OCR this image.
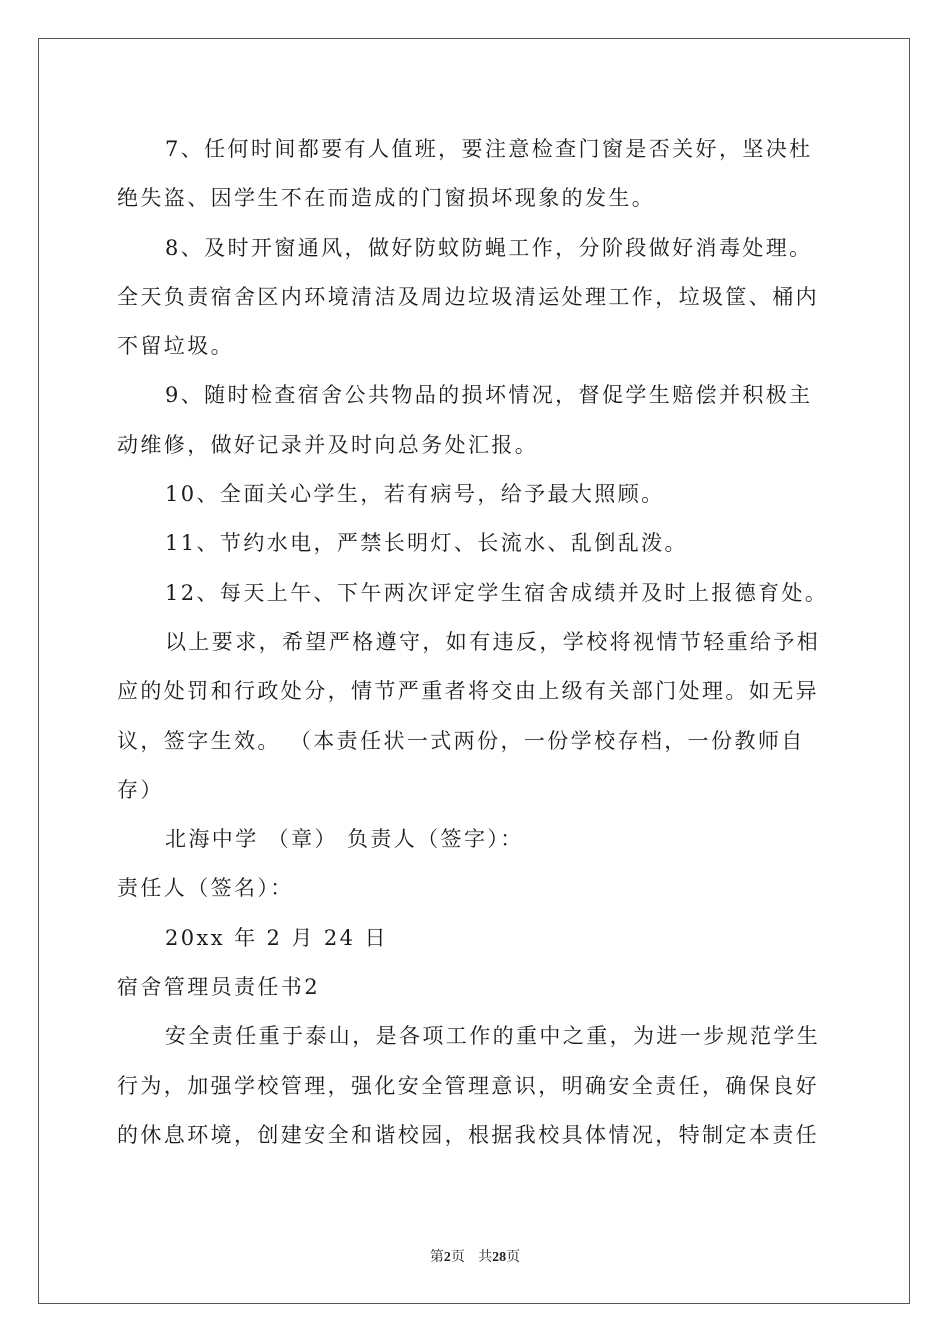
7、任何时间都要有人值班，要注意检查门窗是否关好，坚决杜
绝失盗、因学生不在而造成的门窗损坏现象的发生。
8、及时开窗通风，做好防蚊防蝇工作，分阶段做好消毒处理。
全天负责宿舍区内环境清洁及周边垃圾清运处理工作，垃圾筐、桶内
不留垃圾。
9、随时检查宿舍公共物品的损坏情况，督促学生赔偿并积极主
动维修，做好记录并及时向总务处汇报。
10、全面关心学生，若有病号，给予最大照顾。
11、节约水电，严禁长明灯、长流水、乱倒乱泼。
12、每天上午、下午两次评定学生宿舍成绩并及时上报德育处。
以上要求，希望严格遵守，如有违反，学校将视情节轻重给予相
应的处罚和行政处分，情节严重者将交由上级有关部门处理。如无异
议，签字生效。 （本责任状一式两份，一份学校存档，一份教师自
存）
北海中学 （章） 负责人（签字）：
责任人（签名）：
20xx 年 2 月 24 日
宿舍管理员责任书2
安全责任重于泰山，是各项工作的重中之重，为进一步规范学生
行为，加强学校管理，强化安全管理意识，明确安全责任，确保良好
的休息环境，创建安全和谐校园，根据我校具体情况，特制定本责任
第2页 共28页
